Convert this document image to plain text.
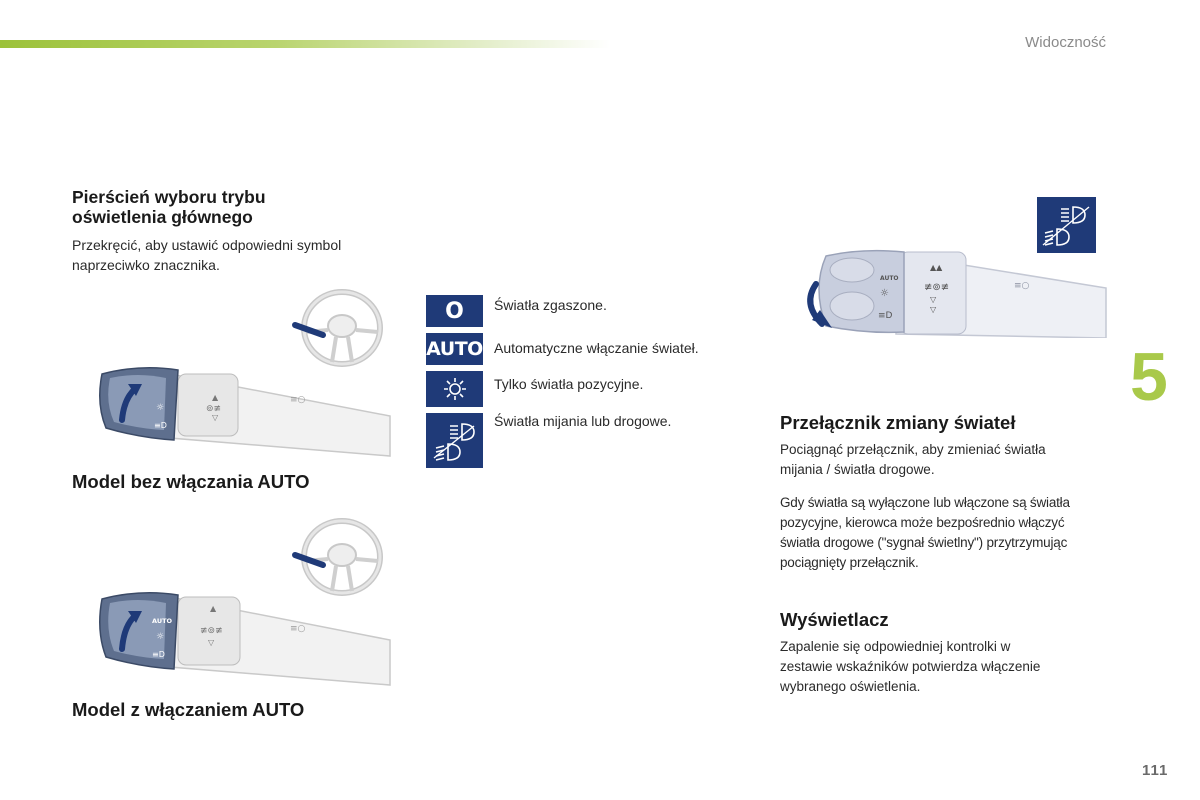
Widoczność
Pierścień wyboru trybu
oświetlenia głównego
Przekręcić, aby ustawić odpowiedni symbol
naprzeciwko znacznika.
▲
⊚≢
▽
☼
≡D
≡○
Model bez włączania AUTO
▲
≢⊚≢
▽
AUTO
☼
≡D
≡○
Model z włączaniem AUTO
O Światła zgaszone.
AUTO Automatyczne włączanie świateł.
Tylko światła pozycyjne.
Światła mijania lub drogowe.
AUTO
☼
≡D
▲▲
≢⊚≢
▽
▽
≡○
Przełącznik zmiany świateł
Pociągnąć przełącznik, aby zmieniać światła
mijania / światła drogowe.
Gdy światła są wyłączone lub włączone są światła
pozycyjne, kierowca może bezpośrednio włączyć
światła drogowe ("sygnał świetlny") przytrzymując
pociągnięty przełącznik.
Wyświetlacz
Zapalenie się odpowiedniej kontrolki w
zestawie wskaźników potwierdza włączenie
wybranego oświetlenia.
5
111
